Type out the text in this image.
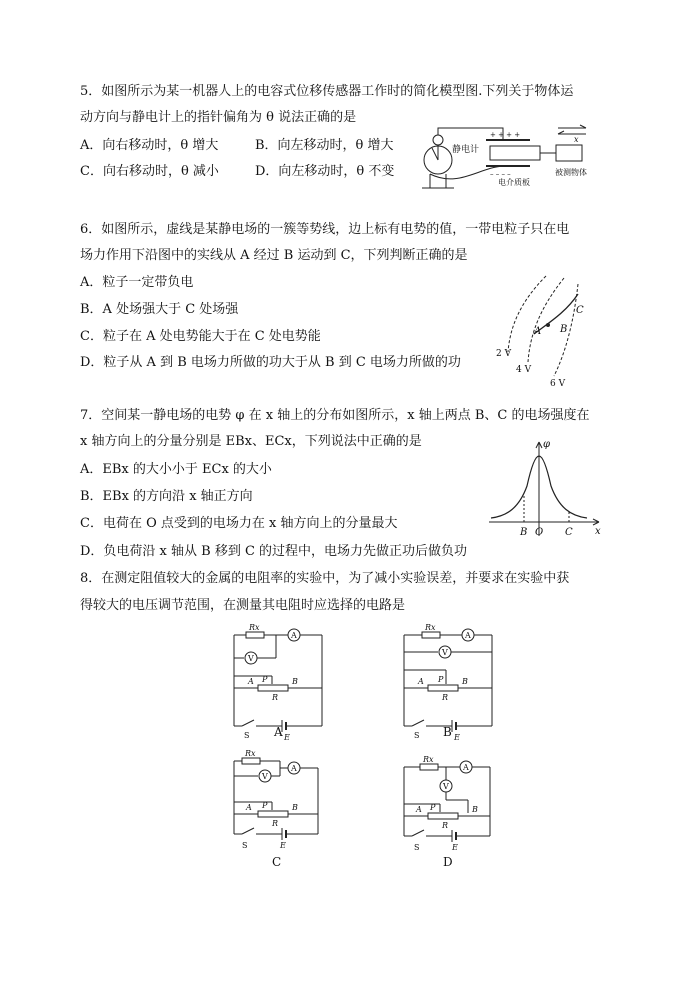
5．如图所示为某一机器人上的电容式位移传感器工作时的简化模型图.下列关于物体运
动方向与静电计上的指针偏角为 θ 说法正确的是
A．向右移动时，θ 增大	B．向左移动时，θ 增大
C．向右移动时，θ 减小	D．向左移动时，θ 不变
静电计
+ + + +
– – – –
x
电介质板
被测物体
6．如图所示，虚线是某静电场的一簇等势线，边上标有电势的值，一带电粒子只在电
场力作用下沿图中的实线从 A 经过 B 运动到 C，下列判断正确的是
A．粒子一定带负电
B．A 处场强大于 C 处场强
C．粒子在 A 处电势能大于在 C 处电势能
D．粒子从 A 到 B 电场力所做的功大于从 B 到 C 电场力所做的功
A B
C
2 V
4 V
6 V
7．空间某一静电场的电势 φ 在 x 轴上的分布如图所示，x 轴上两点 B、C 的电场强度在
x 轴方向上的分量分别是 EBx、ECx，下列说法中正确的是
A．EBx 的大小小于 ECx 的大小
B．EBx 的方向沿 x 轴正方向
C．电荷在 O 点受到的电场力在 x 轴方向上的分量最大
D．负电荷沿 x 轴从 B 移到 C 的过程中，电场力先做正功后做负功
φ
x
B O C
8．在测定阻值较大的金属的电阻率的实验中，为了减小实验误差，并要求在实验中获
得较大的电压调节范围，在测量其电阻时应选择的电路是
Rx
A
V
A P	B
R
S	E
A
Rx
A
V
A P B
R
S	E
B
Rx
V
A
A P	B
R
S	E
C
Rx
A
V
A P	B
R
S	E
D
